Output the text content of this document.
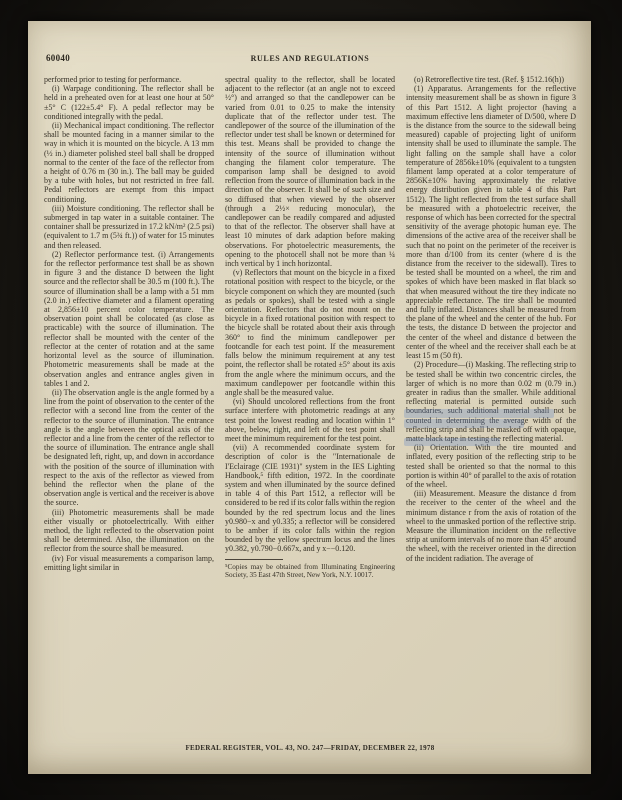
60040	RULES AND REGULATIONS

performed prior to testing for performance.

(i) Warpage conditioning. The reflector shall be held in a preheated oven for at least one hour at 50°±5° C (122±5.4° F). A pedal reflector may be conditioned integrally with the pedal.

(ii) Mechanical impact conditioning. The reflector shall be mounted facing in a manner similar to the way in which it is mounted on the bicycle. A 13 mm (½ in.) diameter polished steel ball shall be dropped normal to the center of the face of the reflector from a height of 0.76 m (30 in.). The ball may be guided by a tube with holes, but not restricted in free fall. Pedal reflectors are exempt from this impact conditioning.

(iii) Moisture conditioning. The reflector shall be submerged in tap water in a suitable container. The container shall be pressurized in 17.2 kN/m² (2.5 psi) (equivalent to 1.7 m (5¾ ft.)) of water for 15 minutes and then released.

(2) Reflector performance test. (i) Arrangements for the reflector performance test shall be as shown in figure 3 and the distance D between the light source and the reflector shall be 30.5 m (100 ft.). The source of illumination shall be a lamp with a 51 mm (2.0 in.) effective diameter and a filament operating at 2,856±10 percent color temperature. The observation point shall be colocated (as close as practicable) with the source of illumination. The reflector shall be mounted with the center of the reflector at the center of rotation and at the same horizontal level as the source of illumination. Photometric measurements shall be made at the observation angles and entrance angles given in tables 1 and 2.

(ii) The observation angle is the angle formed by a line from the point of observation to the center of the reflector with a second line from the center of the reflector to the source of illumination. The entrance angle is the angle between the optical axis of the reflector and a line from the center of the reflector to the source of illumination. The entrance angle shall be designated left, right, up, and down in accordance with the position of the source of illumination with respect to the axis of the reflector as viewed from behind the reflector when the plane of the observation angle is vertical and the receiver is above the source.

(iii) Photometric measurements shall be made either visually or photoelectrically. With either method, the light reflected to the observation point shall be determined. Also, the illumination on the reflector from the source shall be measured.

(iv) For visual measurements a comparison lamp, emitting light similar in

spectral quality to the reflector, shall be located adjacent to the reflector (at an angle not to exceed ½°) and arranged so that the candlepower can be varied from 0.01 to 0.25 to make the intensity duplicate that of the reflector under test. The candlepower of the source of the illumination of the reflector under test shall be known or determined for this test. Means shall be provided to change the intensity of the source of illumination without changing the filament color temperature. The comparison lamp shall be designed to avoid reflection from the source of illumination back in the direction of the observer. It shall be of such size and so diffused that when viewed by the observer (through a 2½× reducing monocular), the candlepower can be readily compared and adjusted to that of the reflector. The observer shall have at least 10 minutes of dark adaption before making observations. For photoelectric measurements, the opening to the photocell shall not be more than ¼ inch vertical by 1 inch horizontal.

(v) Reflectors that mount on the bicycle in a fixed rotational position with respect to the bicycle, or the bicycle component on which they are mounted (such as pedals or spokes), shall be tested with a single orientation. Reflectors that do not mount on the bicycle in a fixed rotational position with respect to the bicycle shall be rotated about their axis through 360° to find the minimum candlepower per footcandle for each test point. If the measurement falls below the minimum requirement at any test point, the reflector shall be rotated ±5° about its axis from the angle where the minimum occurs, and the maximum candlepower per footcandle within this angle shall be the measured value.

(vi) Should uncolored reflections from the front surface interfere with photometric readings at any test point the lowest reading and location within 1° above, below, right, and left of the test point shall meet the minimum requirement for the test point.

(vii) A recommended coordinate system for description of color is the "Internationale de I'Eclairage (CIE 1931)" system in the IES Lighting Handbook,⁵ fifth edition, 1972. In the coordinate system and when illuminated by the source defined in table 4 of this Part 1512, a reflector will be considered to be red if its color falls within the region bounded by the red spectrum locus and the lines y0.980−x and y0.335; a reflector will be considered to be amber if its color falls within the region bounded by the yellow spectrum locus and the lines y0.382, y0.790−0.667x, and y x−−0.120.

⁵Copies may be obtained from Illuminating Engineering Society, 35 East 47th Street, New York, N.Y. 10017.

(o) Retroreflective tire test. (Ref. § 1512.16(h))

(1) Apparatus. Arrangements for the reflective intensity measurement shall be as shown in figure 3 of this Part 1512. A light projector (having a maximum effective lens diameter of D/500, where D is the distance from the source to the sidewall being measured) capable of projecting light of uniform intensity shall be used to illuminate the sample. The light falling on the sample shall have a color temperature of 2856k±10% (equivalent to a tungsten filament lamp operated at a color temperature of 2856K±10% having approximately the relative energy distribution given in table 4 of this Part 1512). The light reflected from the test surface shall be measured with a photoelectric receiver, the response of which has been corrected for the spectral sensitivity of the average photopic human eye. The dimensions of the active area of the receiver shall be such that no point on the perimeter of the receiver is more than d/100 from its center (where d is the distance from the receiver to the sidewall). Tires to be tested shall be mounted on a wheel, the rim and spokes of which have been masked in flat black so that when measured without the tire they indicate no appreciable reflectance. The tire shall be mounted and fully inflated. Distances shall be measured from the plane of the wheel and the center of the hub. For the tests, the distance D between the projector and the center of the wheel and distance d between the center of the wheel and the receiver shall each be at least 15 m (50 ft).

(2) Procedure—(i) Masking. The reflecting strip to be tested shall be within two concentric circles, the larger of which is no more than 0.02 m (0.79 in.) greater in radius than the smaller. While additional reflecting material is permitted outside such boundaries, such additional material shall not be counted in determining the average width of the reflecting strip and shall be masked off with opaque, matte black tape in testing the reflecting material.

(ii) Orientation. With the tire mounted and inflated, every position of the reflecting strip to be tested shall be oriented so that the normal to this portion is within 40° of parallel to the axis of rotation of the wheel.

(iii) Measurement. Measure the distance d from the receiver to the center of the wheel and the minimum distance r from the axis of rotation of the wheel to the unmasked portion of the reflective strip. Measure the illumination incident on the reflective strip at uniform intervals of no more than 45° around the wheel, with the receiver oriented in the direction of the incident radiation. The average of

FEDERAL REGISTER, VOL. 43, NO. 247—FRIDAY, DECEMBER 22, 1978
